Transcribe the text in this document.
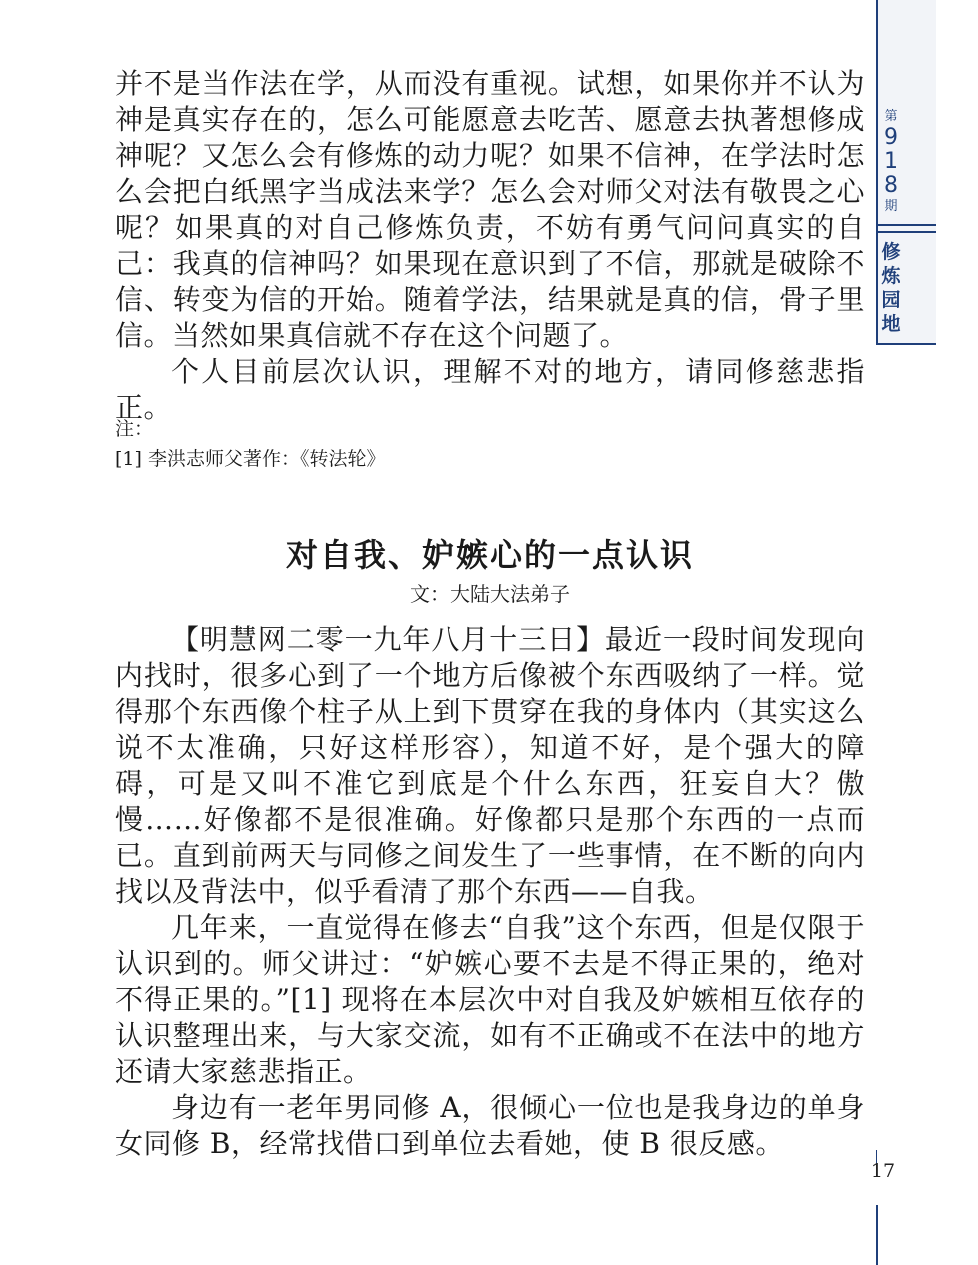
第
9
1
8
期
修
炼
园
地

并不是当作法在学，从而没有重视。试想，如果你并不认为神是真实存在的，怎么可能愿意去吃苦、愿意去执著想修成神呢？又怎么会有修炼的动力呢？如果不信神，在学法时怎么会把白纸黑字当成法来学？怎么会对师父对法有敬畏之心呢？如果真的对自己修炼负责，不妨有勇气问问真实的自己：我真的信神吗？如果现在意识到了不信，那就是破除不信、转变为信的开始。随着学法，结果就是真的信，骨子里信。当然如果真信就不存在这个问题了。

个人目前层次认识，理解不对的地方，请同修慈悲指正。

注：

[1] 李洪志师父著作：《转法轮》

对自我、妒嫉心的一点认识
文：大陆大法弟子

【明慧网二零一九年八月十三日】最近一段时间发现向内找时，很多心到了一个地方后像被个东西吸纳了一样。觉得那个东西像个柱子从上到下贯穿在我的身体内（其实这么说不太准确，只好这样形容），知道不好，是个强大的障碍，可是又叫不准它到底是个什么东西，狂妄自大？傲慢……好像都不是很准确。好像都只是那个东西的一点而已。直到前两天与同修之间发生了一些事情，在不断的向内找以及背法中，似乎看清了那个东西——自我。

几年来，一直觉得在修去“自我”这个东西，但是仅限于认识到的。师父讲过：“妒嫉心要不去是不得正果的，绝对不得正果的。”[1] 现将在本层次中对自我及妒嫉相互依存的认识整理出来，与大家交流，如有不正确或不在法中的地方还请大家慈悲指正。

身边有一老年男同修 A，很倾心一位也是我身边的单身女同修 B，经常找借口到单位去看她，使 B 很反感。

17
